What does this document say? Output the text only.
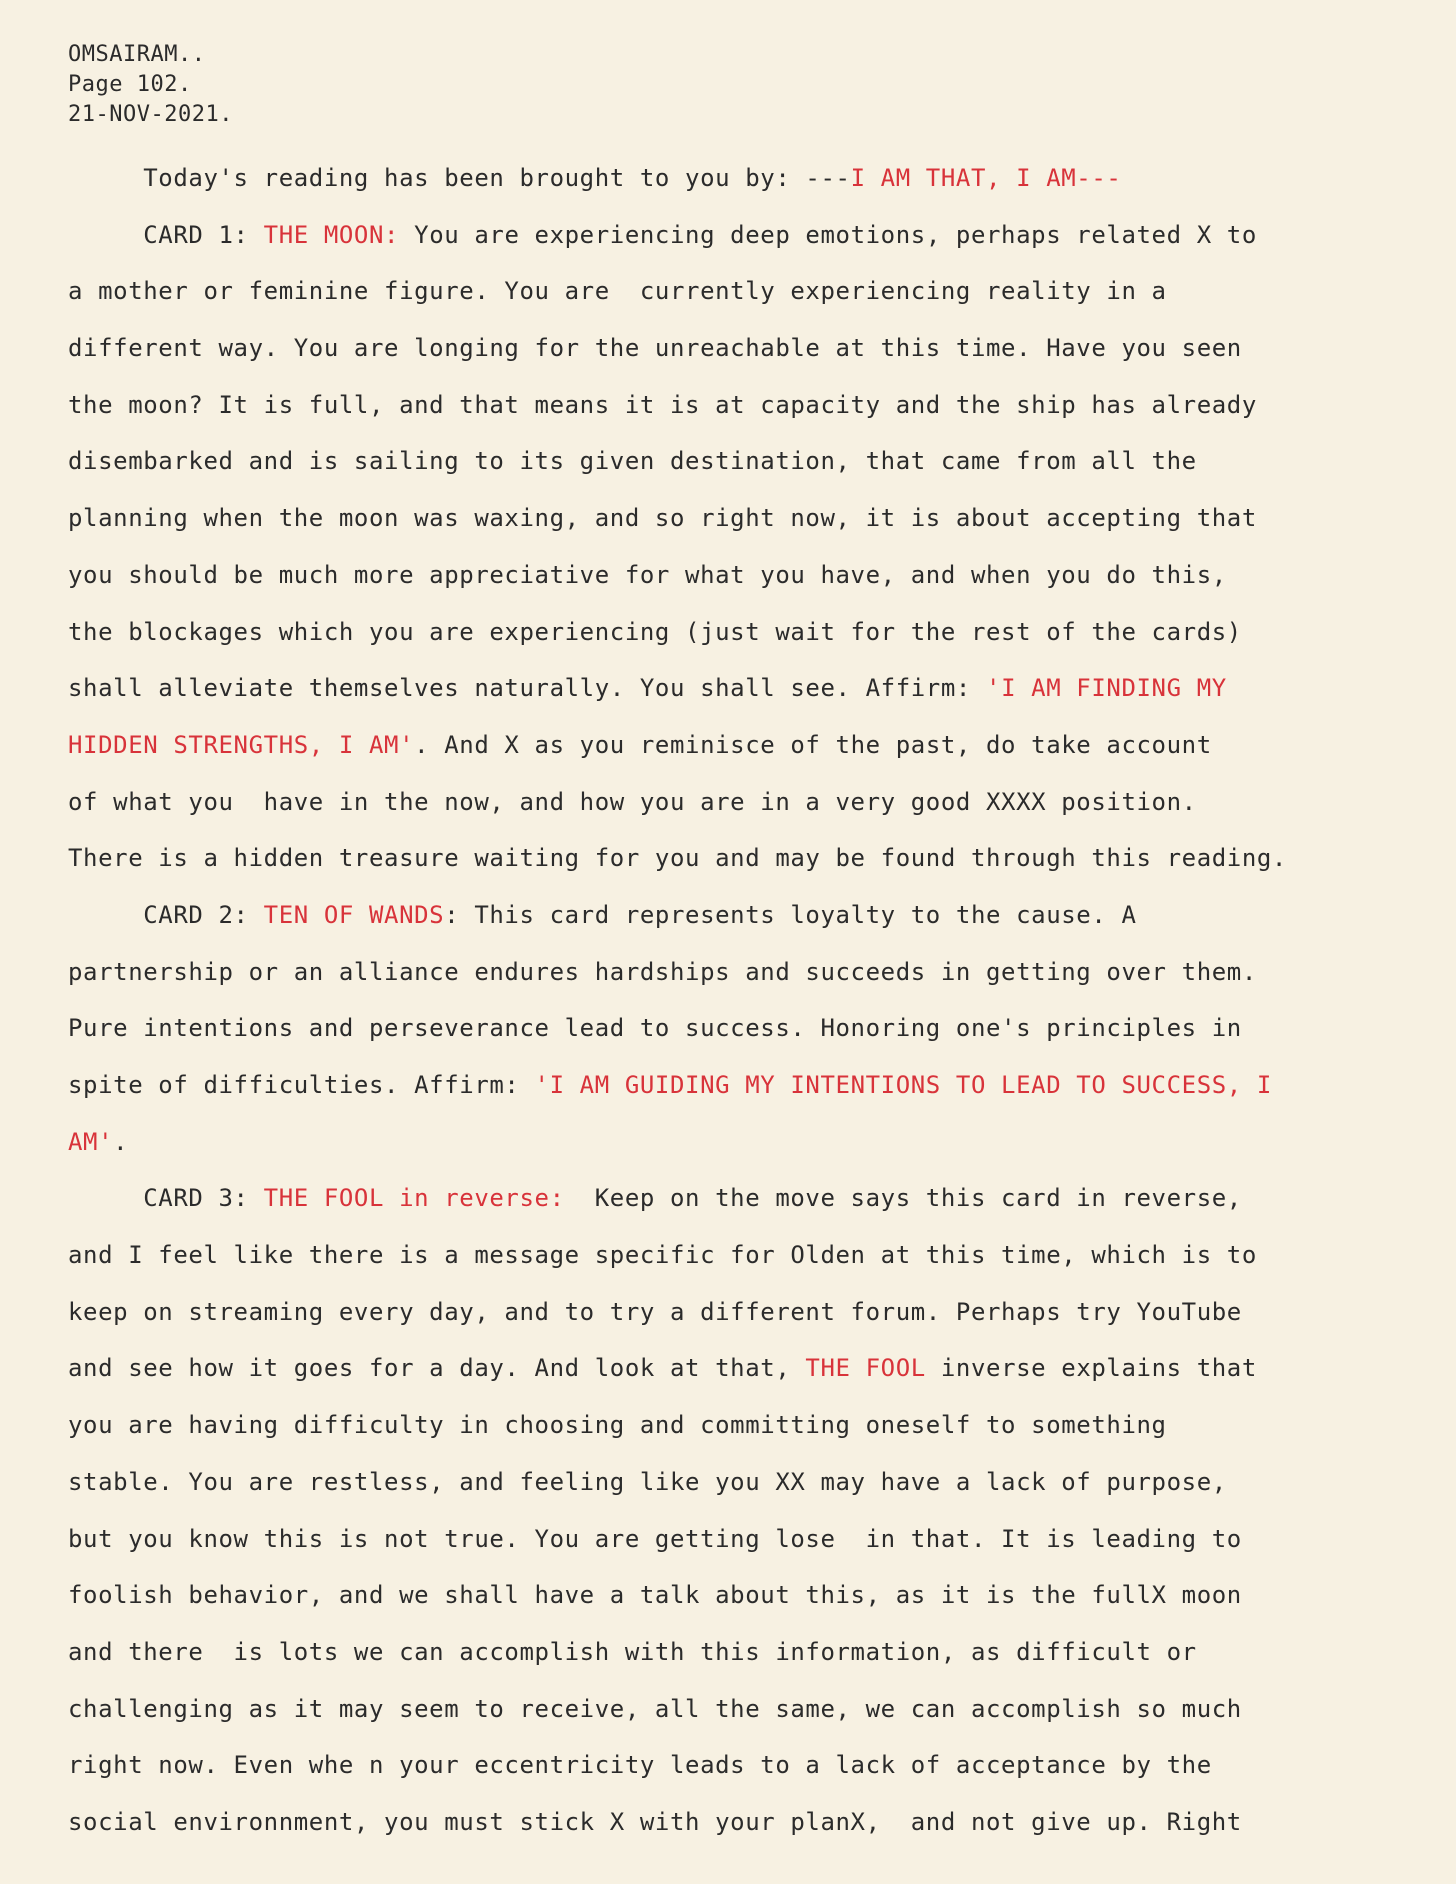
OMSAIRAM..
Page 102.
21-NOV-2021.
Today's reading has been brought to you by: ---I AM THAT, I AM---
CARD 1: THE MOON: You are experiencing deep emotions, perhaps related X to
a mother or feminine figure. You are  currently experiencing reality in a
different way. You are longing for the unreachable at this time. Have you seen
the moon? It is full, and that means it is at capacity and the ship has already
disembarked and is sailing to its given destination, that came from all the
planning when the moon was waxing, and so right now, it is about accepting that
you should be much more appreciative for what you have, and when you do this,
the blockages which you are experiencing (just wait for the rest of the cards)
shall alleviate themselves naturally. You shall see. Affirm: 'I AM FINDING MY
HIDDEN STRENGTHS, I AM'. And X as you reminisce of the past, do take account
of what you  have in the now, and how you are in a very good XXXX position.
There is a hidden treasure waiting for you and may be found through this reading.
CARD 2: TEN OF WANDS: This card represents loyalty to the cause. A
partnership or an alliance endures hardships and succeeds in getting over them.
Pure intentions and perseverance lead to success. Honoring one's principles in
spite of difficulties. Affirm: 'I AM GUIDING MY INTENTIONS TO LEAD TO SUCCESS, I
AM'.
CARD 3: THE FOOL in reverse:  Keep on the move says this card in reverse,
and I feel like there is a message specific for Olden at this time, which is to
keep on streaming every day, and to try a different forum. Perhaps try YouTube
and see how it goes for a day. And look at that, THE FOOL inverse explains that
you are having difficulty in choosing and committing oneself to something
stable. You are restless, and feeling like you XX may have a lack of purpose,
but you know this is not true. You are getting lose  in that. It is leading to
foolish behavior, and we shall have a talk about this, as it is the fullX moon
and there  is lots we can accomplish with this information, as difficult or
challenging as it may seem to receive, all the same, we can accomplish so much
right now. Even whe n your eccentricity leads to a lack of acceptance by the
social environnment, you must stick X with your planX,  and not give up. Right
